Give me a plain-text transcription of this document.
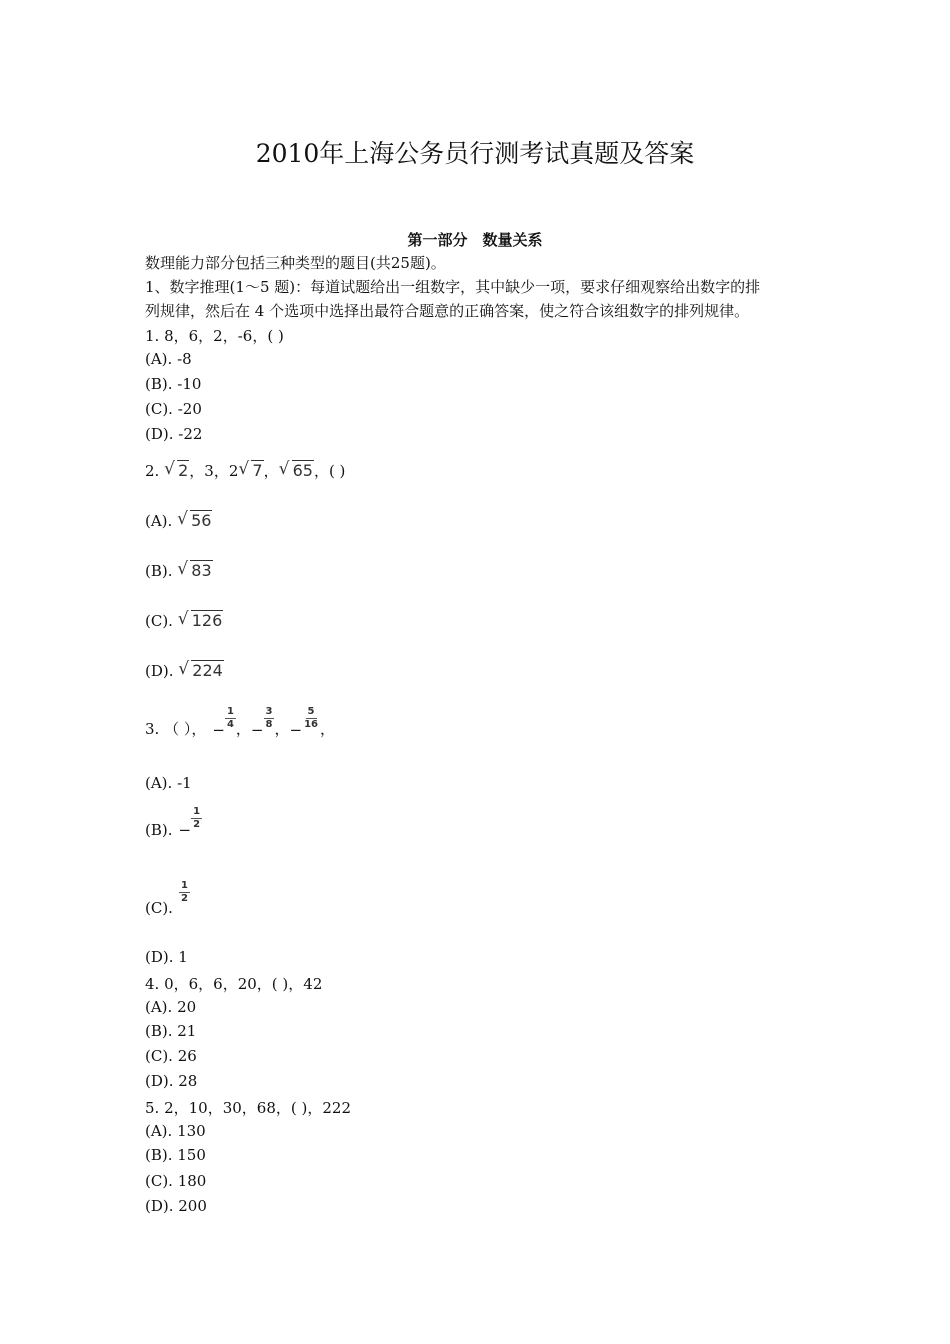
2010年上海公务员行测考试真题及答案
第一部分　数量关系
数理能力部分包括三种类型的题目(共25题)。
1、数字推理(1～5 题)：每道试题给出一组数字，其中缺少一项，要求仔细观察给出数字的排
列规律，然后在 4 个选项中选择出最符合题意的正确答案，使之符合该组数字的排列规律。
1. 8，6，2，-6，( )
(A). -8
(B). -10
(C). -20
(D). -22
2. √ 2，3，2 √ 7， √ 65，( )
(A). √ 56
(B). √ 83
(C). √ 126
(D). √ 224
3. （ ）， − $\frac{1}{4}$ ， − $\frac{3}{8}$ ， − $\frac{5}{16}$ ，
(A). -1
(B). − $\frac{1}{2}$
(C).
$\frac{1}{2}$
(D). 1
4. 0，6，6，20，( )，42
(A). 20
(B). 21
(C). 26
(D). 28
5. 2，10，30，68，( )，222
(A). 130
(B). 150
(C). 180
(D). 200
